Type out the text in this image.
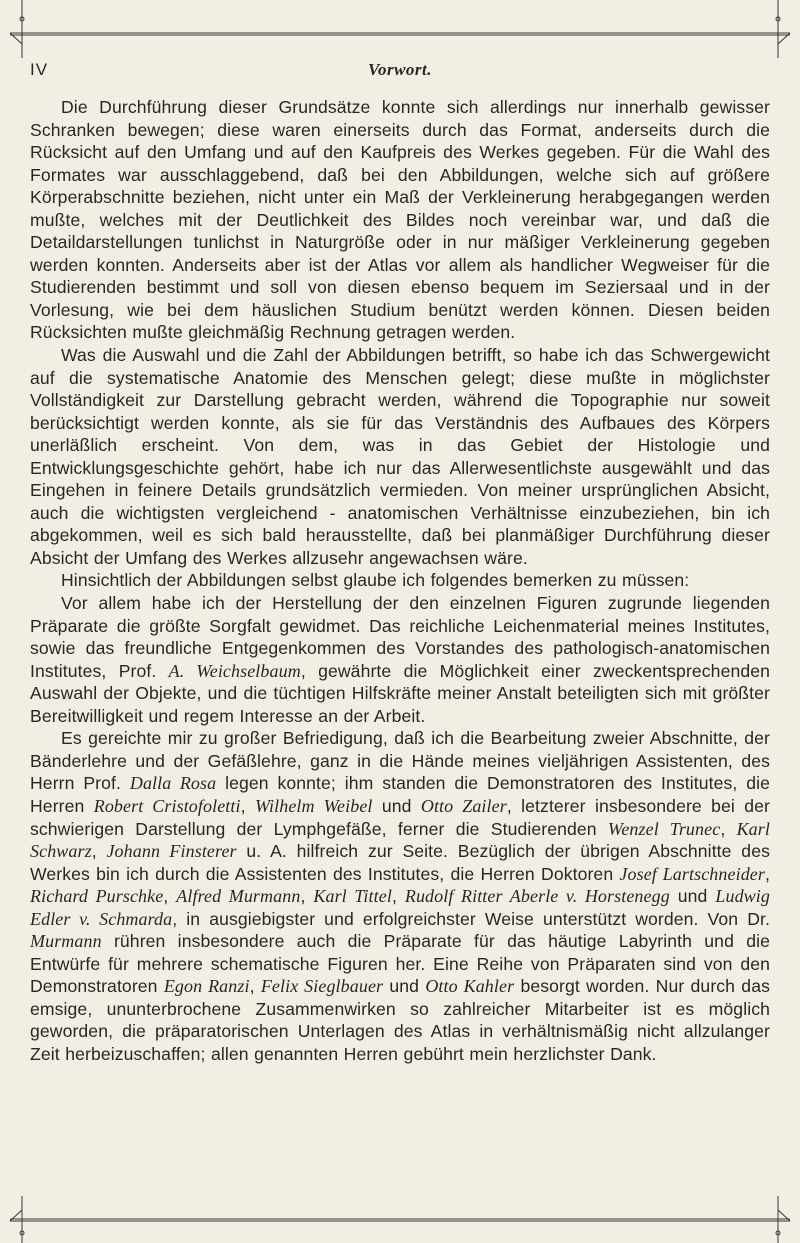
IV	Vorwort.

Die Durchführung dieser Grundsätze konnte sich allerdings nur innerhalb gewisser Schranken bewegen; diese waren einerseits durch das Format, anderseits durch die Rücksicht auf den Umfang und auf den Kaufpreis des Werkes gegeben. Für die Wahl des Formates war ausschlaggebend, daß bei den Abbildungen, welche sich auf größere Körperabschnitte beziehen, nicht unter ein Maß der Verkleinerung herabgegangen werden mußte, welches mit der Deutlichkeit des Bildes noch vereinbar war, und daß die Detaildarstellungen tunlichst in Naturgröße oder in nur mäßiger Verkleinerung gegeben werden konnten. Anderseits aber ist der Atlas vor allem als handlicher Wegweiser für die Studierenden bestimmt und soll von diesen ebenso bequem im Seziersaal und in der Vorlesung, wie bei dem häuslichen Studium benützt werden können. Diesen beiden Rücksichten mußte gleichmäßig Rechnung getragen werden.

Was die Auswahl und die Zahl der Abbildungen betrifft, so habe ich das Schwergewicht auf die systematische Anatomie des Menschen gelegt; diese mußte in möglichster Vollständigkeit zur Darstellung gebracht werden, während die Topographie nur soweit berücksichtigt werden konnte, als sie für das Verständnis des Aufbaues des Körpers unerläßlich erscheint. Von dem, was in das Gebiet der Histologie und Entwicklungsgeschichte gehört, habe ich nur das Allerwesentlichste ausgewählt und das Eingehen in feinere Details grundsätzlich vermieden. Von meiner ursprünglichen Absicht, auch die wichtigsten vergleichend - anatomischen Verhältnisse einzubeziehen, bin ich abgekommen, weil es sich bald herausstellte, daß bei planmäßiger Durchführung dieser Absicht der Umfang des Werkes allzusehr angewachsen wäre.

Hinsichtlich der Abbildungen selbst glaube ich folgendes bemerken zu müssen:

Vor allem habe ich der Herstellung der den einzelnen Figuren zugrunde liegenden Präparate die größte Sorgfalt gewidmet. Das reichliche Leichenmaterial meines Institutes, sowie das freundliche Entgegenkommen des Vorstandes des pathologisch-anatomischen Institutes, Prof. A. Weichselbaum, gewährte die Möglichkeit einer zweckentsprechenden Auswahl der Objekte, und die tüchtigen Hilfskräfte meiner Anstalt beteiligten sich mit größter Bereitwilligkeit und regem Interesse an der Arbeit.

Es gereichte mir zu großer Befriedigung, daß ich die Bearbeitung zweier Abschnitte, der Bänderlehre und der Gefäßlehre, ganz in die Hände meines vieljährigen Assistenten, des Herrn Prof. Dalla Rosa legen konnte; ihm standen die Demonstratoren des Institutes, die Herren Robert Cristofoletti, Wilhelm Weibel und Otto Zailer, letzterer insbesondere bei der schwierigen Darstellung der Lymphgefäße, ferner die Studierenden Wenzel Trunec, Karl Schwarz, Johann Finsterer u. A. hilfreich zur Seite. Bezüglich der übrigen Abschnitte des Werkes bin ich durch die Assistenten des Institutes, die Herren Doktoren Josef Lartschneider, Richard Purschke, Alfred Murmann, Karl Tittel, Rudolf Ritter Aberle v. Horstenegg und Ludwig Edler v. Schmarda, in ausgiebigster und erfolgreichster Weise unterstützt worden. Von Dr. Murmann rühren insbesondere auch die Präparate für das häutige Labyrinth und die Entwürfe für mehrere schematische Figuren her. Eine Reihe von Präparaten sind von den Demonstratoren Egon Ranzi, Felix Sieglbauer und Otto Kahler besorgt worden. Nur durch das emsige, ununterbrochene Zusammenwirken so zahlreicher Mitarbeiter ist es möglich geworden, die präparatorischen Unterlagen des Atlas in verhältnismäßig nicht allzulanger Zeit herbeizuschaffen; allen genannten Herren gebührt mein herzlichster Dank.
